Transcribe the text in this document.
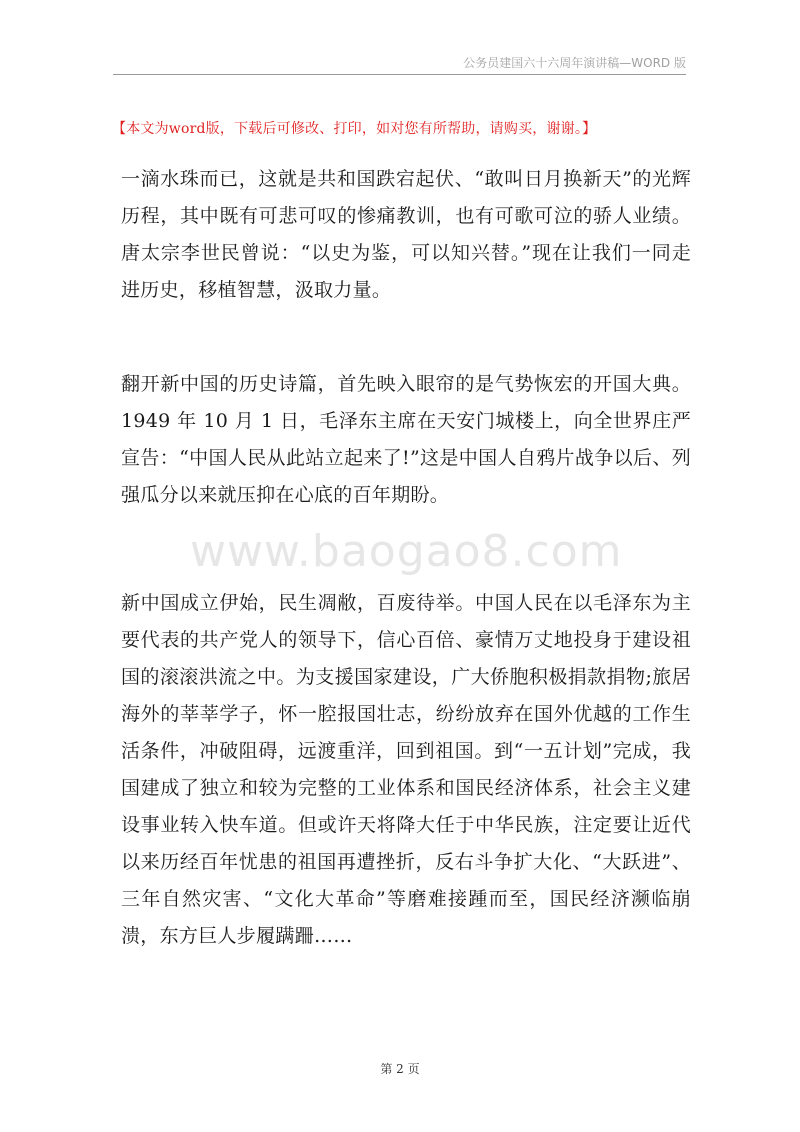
公务员建国六十六周年演讲稿—WORD 版
【本文为word版，下载后可修改、打印，如对您有所帮助，请购买，谢谢。】

一滴水珠而已，这就是共和国跌宕起伏、“敢叫日月换新天”的光辉历程，其中既有可悲可叹的惨痛教训，也有可歌可泣的骄人业绩。唐太宗李世民曾说：“以史为鉴，可以知兴替。”现在让我们一同走进历史，移植智慧，汲取力量。

翻开新中国的历史诗篇，首先映入眼帘的是气势恢宏的开国大典。1949 年 10 月 1 日，毛泽东主席在天安门城楼上，向全世界庄严宣告：“中国人民从此站立起来了!”这是中国人自鸦片战争以后、列强瓜分以来就压抑在心底的百年期盼。

www.baogao8.com

新中国成立伊始，民生凋敝，百废待举。中国人民在以毛泽东为主要代表的共产党人的领导下，信心百倍、豪情万丈地投身于建设祖国的滚滚洪流之中。为支援国家建设，广大侨胞积极捐款捐物;旅居海外的莘莘学子，怀一腔报国壮志，纷纷放弃在国外优越的工作生活条件，冲破阻碍，远渡重洋，回到祖国。到“一五计划”完成，我国建成了独立和较为完整的工业体系和国民经济体系，社会主义建设事业转入快车道。但或许天将降大任于中华民族，注定要让近代以来历经百年忧患的祖国再遭挫折，反右斗争扩大化、“大跃进”、三年自然灾害、“文化大革命”等磨难接踵而至，国民经济濒临崩溃，东方巨人步履蹒跚……

第 2 页
